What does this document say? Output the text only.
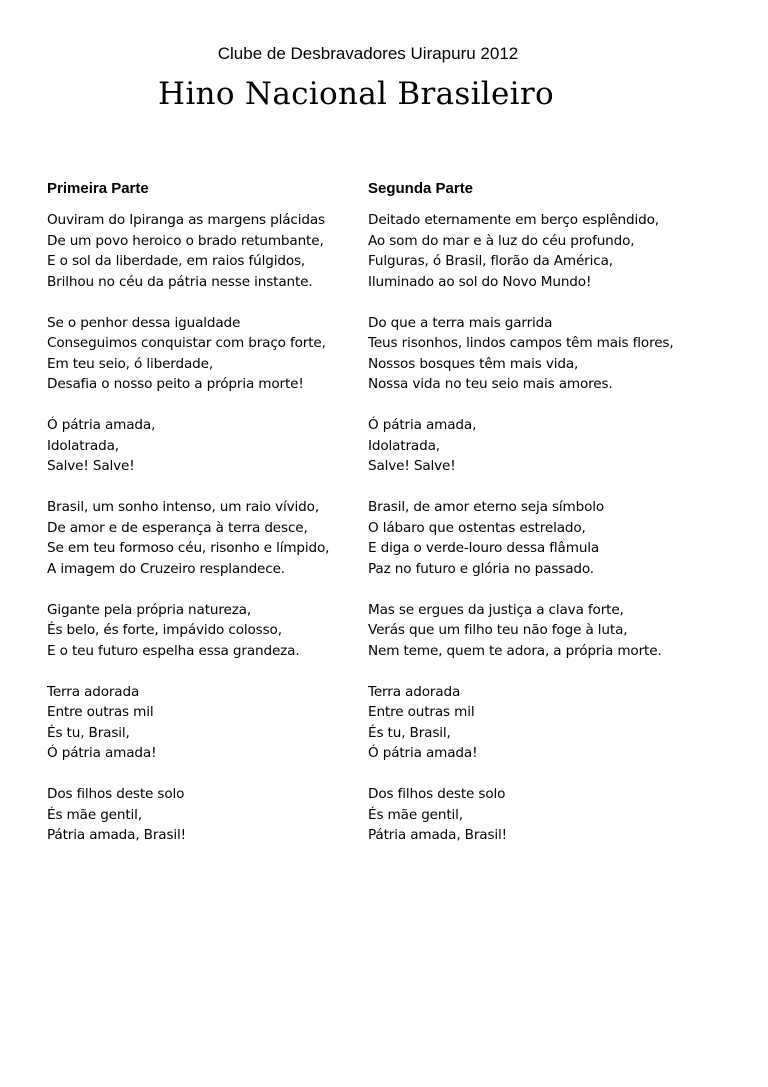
Clube de Desbravadores Uirapuru 2012
Hino Nacional Brasileiro
Primeira Parte
Ouviram do Ipiranga as margens plácidas
De um povo heroico o brado retumbante,
E o sol da liberdade, em raios fúlgidos,
Brilhou no céu da pátria nesse instante.
Se o penhor dessa igualdade
Conseguimos conquistar com braço forte,
Em teu seio, ó liberdade,
Desafia o nosso peito a própria morte!
Ó pátria amada,
Idolatrada,
Salve! Salve!
Brasil, um sonho intenso, um raio vívido,
De amor e de esperança à terra desce,
Se em teu formoso céu, risonho e límpido,
A imagem do Cruzeiro resplandece.
Gigante pela própria natureza,
És belo, és forte, impávido colosso,
E o teu futuro espelha essa grandeza.
Terra adorada
Entre outras mil
És tu, Brasil,
Ó pátria amada!
Dos filhos deste solo
És mãe gentil,
Pátria amada, Brasil!
Segunda Parte
Deitado eternamente em berço esplêndido,
Ao som do mar e à luz do céu profundo,
Fulguras, ó Brasil, florão da América,
Iluminado ao sol do Novo Mundo!
Do que a terra mais garrida
Teus risonhos, lindos campos têm mais flores,
Nossos bosques têm mais vida,
Nossa vida no teu seio mais amores.
Ó pátria amada,
Idolatrada,
Salve! Salve!
Brasil, de amor eterno seja símbolo
O lábaro que ostentas estrelado,
E diga o verde-louro dessa flâmula
Paz no futuro e glória no passado.
Mas se ergues da justiça a clava forte,
Verás que um filho teu não foge à luta,
Nem teme, quem te adora, a própria morte.
Terra adorada
Entre outras mil
És tu, Brasil,
Ó pátria amada!
Dos filhos deste solo
És mãe gentil,
Pátria amada, Brasil!
